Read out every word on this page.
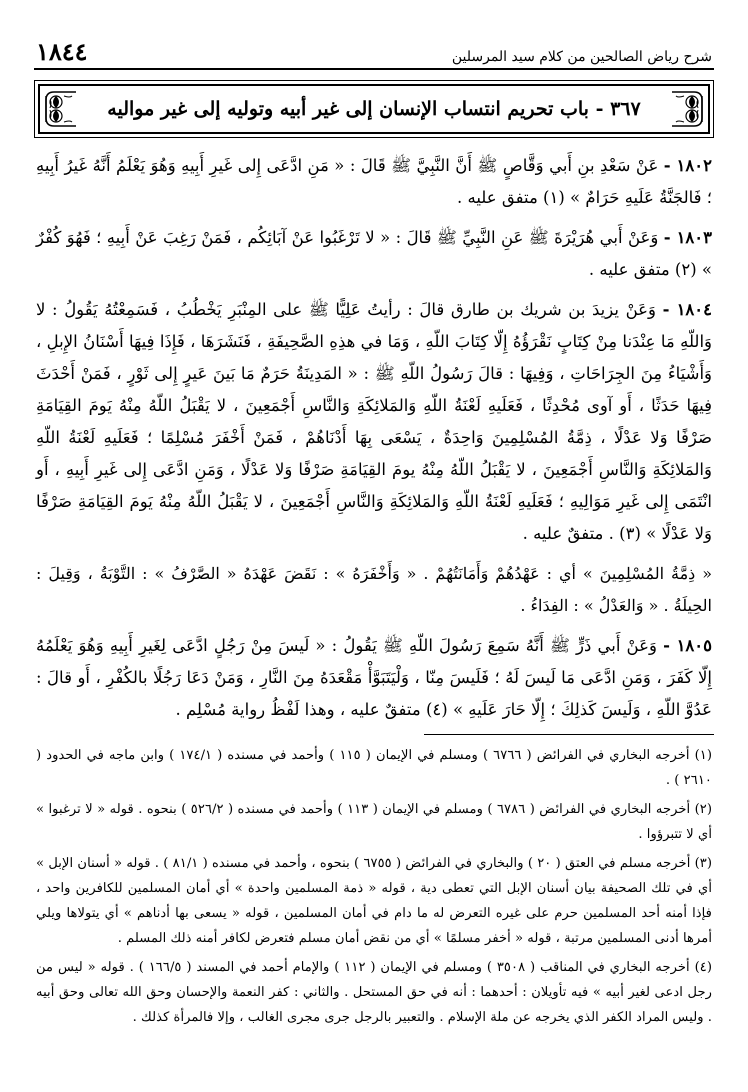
شرح رياض الصالحين من كلام سيد المرسلين
١٨٤٤
٣٦٧ - باب تحريم انتساب الإنسان إلى غير أبيه وتوليه إلى غير مواليه

١٨٠٢ - عَنْ سَعْدِ بنِ أَبي وَقَّاصٍ ﷺ أَنَّ النَّبِيَّ ﷺ قَالَ : « مَنِ ادَّعَى إِلى غَيرِ أَبِيهِ وَهُوَ يَعْلَمُ أَنَّهُ غَيرُ أَبِيهِ ؛ فَالجَنَّةُ عَلَيهِ حَرَامٌ » (١) متفق عليه .

١٨٠٣ - وَعَنْ أَبي هُرَيْرَةَ ﷺ عَنِ النَّبِيِّ ﷺ قَالَ : « لا تَرْغَبُوا عَنْ آبَائِكُم ، فَمَنْ رَغِبَ عَنْ أَبِيهِ ؛ فَهُوَ كُفْرٌ » (٢) متفق عليه .

١٨٠٤ - وَعَنْ يزيدَ بن شريك بن طارق قالَ : رأيتُ عَلِيًّا ﷺ على المِنْبَرِ يَخْطُبُ ، فَسَمِعْتُهُ يَقُولُ : لا وَاللّهِ مَا عِنْدَنا مِنْ كِتَابٍ نَقْرَؤُهُ إِلّا كِتَابَ اللّهِ ، وَمَا في هذِهِ الصَّحِيفَةِ ، فَنَشَرَهَا ، فَإِذَا فِيهَا أَسْنَانُ الإِبلِ ، وَأَشْيَاءُ مِنَ الجِرَاحَاتِ ، وَفِيهَا : قالَ رَسُولُ اللّهِ ﷺ : « المَدِينَةُ حَرَمٌ مَا بَينَ عَيرٍ إِلى ثَوْرٍ ، فَمَنْ أَحْدَثَ فِيهَا حَدَثًا ، أَو آوى مُحْدِثًا ، فَعَلَيهِ لَعْنَةُ اللّهِ وَالمَلائِكَةِ وَالنَّاسِ أَجْمَعِينَ ، لا يَقْبَلُ اللّهُ مِنْهُ يَومَ القِيَامَةِ صَرْفًا وَلا عَدْلًا ، ذِمَّةُ المُسْلِمِينَ وَاحِدَةٌ ، يَسْعَى بِهَا أَدْنَاهُمْ ، فَمَنْ أَخْفَرَ مُسْلِمًا ؛ فَعَلَيهِ لَعْنَةُ اللّهِ وَالمَلائِكَةِ وَالنَّاسِ أَجْمَعِينَ ، لا يَقْبَلُ اللّهُ مِنْهُ يومَ القِيَامَةِ صَرْفًا وَلا عَدْلًا ، وَمَنِ ادَّعَى إِلى غَيرِ أَبِيهِ ، أَو انْتَمَى إِلى غَيرِ مَوَالِيهِ ؛ فَعَلَيهِ لَعْنَةُ اللّهِ وَالمَلائِكَةِ وَالنَّاسِ أَجْمَعِينَ ، لا يَقْبَلُ اللّهُ مِنْهُ يَومَ القِيَامَةِ صَرْفًا وَلا عَدْلًا » (٣) . متفقٌ عليه .

« ذِمَّةُ المُسْلِمِينَ » أي : عَهْدُهُمْ وَأَمَانَتُهُمْ . « وَأَخْفَرَهُ » : نَقَضَ عَهْدَهُ « الصَّرْفُ » : التَّوْبَةُ ، وَقِيلَ : الحِيلَةُ . « وَالعَدْلُ » : الفِدَاءُ .

١٨٠٥ - وَعَنْ أَبي ذَرٍّ ﷺ أَنَّهُ سَمِعَ رَسُولَ اللّهِ ﷺ يَقُولُ : « لَيسَ مِنْ رَجُلٍ ادَّعَى لِغَيرِ أَبِيهِ وَهُوَ يَعْلَمُهُ إِلّا كَفَرَ ، وَمَنِ ادَّعَى مَا لَيسَ لَهُ ؛ فَلَيسَ مِنّا ، وَلْيَتَبَوَّأْ مَقْعَدَهُ مِنَ النَّارِ ، وَمَنْ دَعَا رَجُلًا بالكُفْرِ ، أَو قالَ : عَدُوَّ اللّهِ ، وَلَيسَ كَذلِكَ ؛ إِلّا حَارَ عَلَيهِ » (٤) متفقٌ عليه ، وهذا لَفْظُ رواية مُسْلِم .

(١) أخرجه البخاري في الفرائض ( ٦٧٦٦ ) ومسلم في الإيمان ( ١١٥ ) وأحمد في مسنده ( ١٧٤/١ ) وابن ماجه في الحدود ( ٢٦١٠ ) .

(٢) أخرجه البخاري في الفرائض ( ٦٧٨٦ ) ومسلم في الإيمان ( ١١٣ ) وأحمد في مسنده ( ٥٢٦/٢ ) بنحوه . قوله « لا ترغبوا » أي لا تتبرؤوا .

(٣) أخرجه مسلم في العتق ( ٢٠ ) والبخاري في الفرائض ( ٦٧٥٥ ) بنحوه ، وأحمد في مسنده ( ٨١/١ ) . قوله « أسنان الإبل » أي في تلك الصحيفة بيان أسنان الإبل التي تعطى دية ، قوله « ذمة المسلمين واحدة » أي أمان المسلمين للكافرين واحد ، فإذا أمنه أحد المسلمين حرم على غيره التعرض له ما دام في أمان المسلمين ، قوله « يسعى بها أدناهم » أي يتولاها ويلي أمرها أدنى المسلمين مرتبة ، قوله « أخفر مسلمًا » أي من نقض أمان مسلم فتعرض لكافر أمنه ذلك المسلم .

(٤) أخرجه البخاري في المناقب ( ٣٥٠٨ ) ومسلم في الإيمان ( ١١٢ ) والإمام أحمد في المسند ( ١٦٦/٥ ) . قوله « ليس من رجل ادعى لغير أبيه » فيه تأويلان : أحدهما : أنه في حق المستحل . والثاني : كفر النعمة والإحسان وحق الله تعالى وحق أبيه . وليس المراد الكفر الذي يخرجه عن ملة الإسلام . والتعبير بالرجل جرى مجرى الغالب ، وإلا فالمرأة كذلك .
